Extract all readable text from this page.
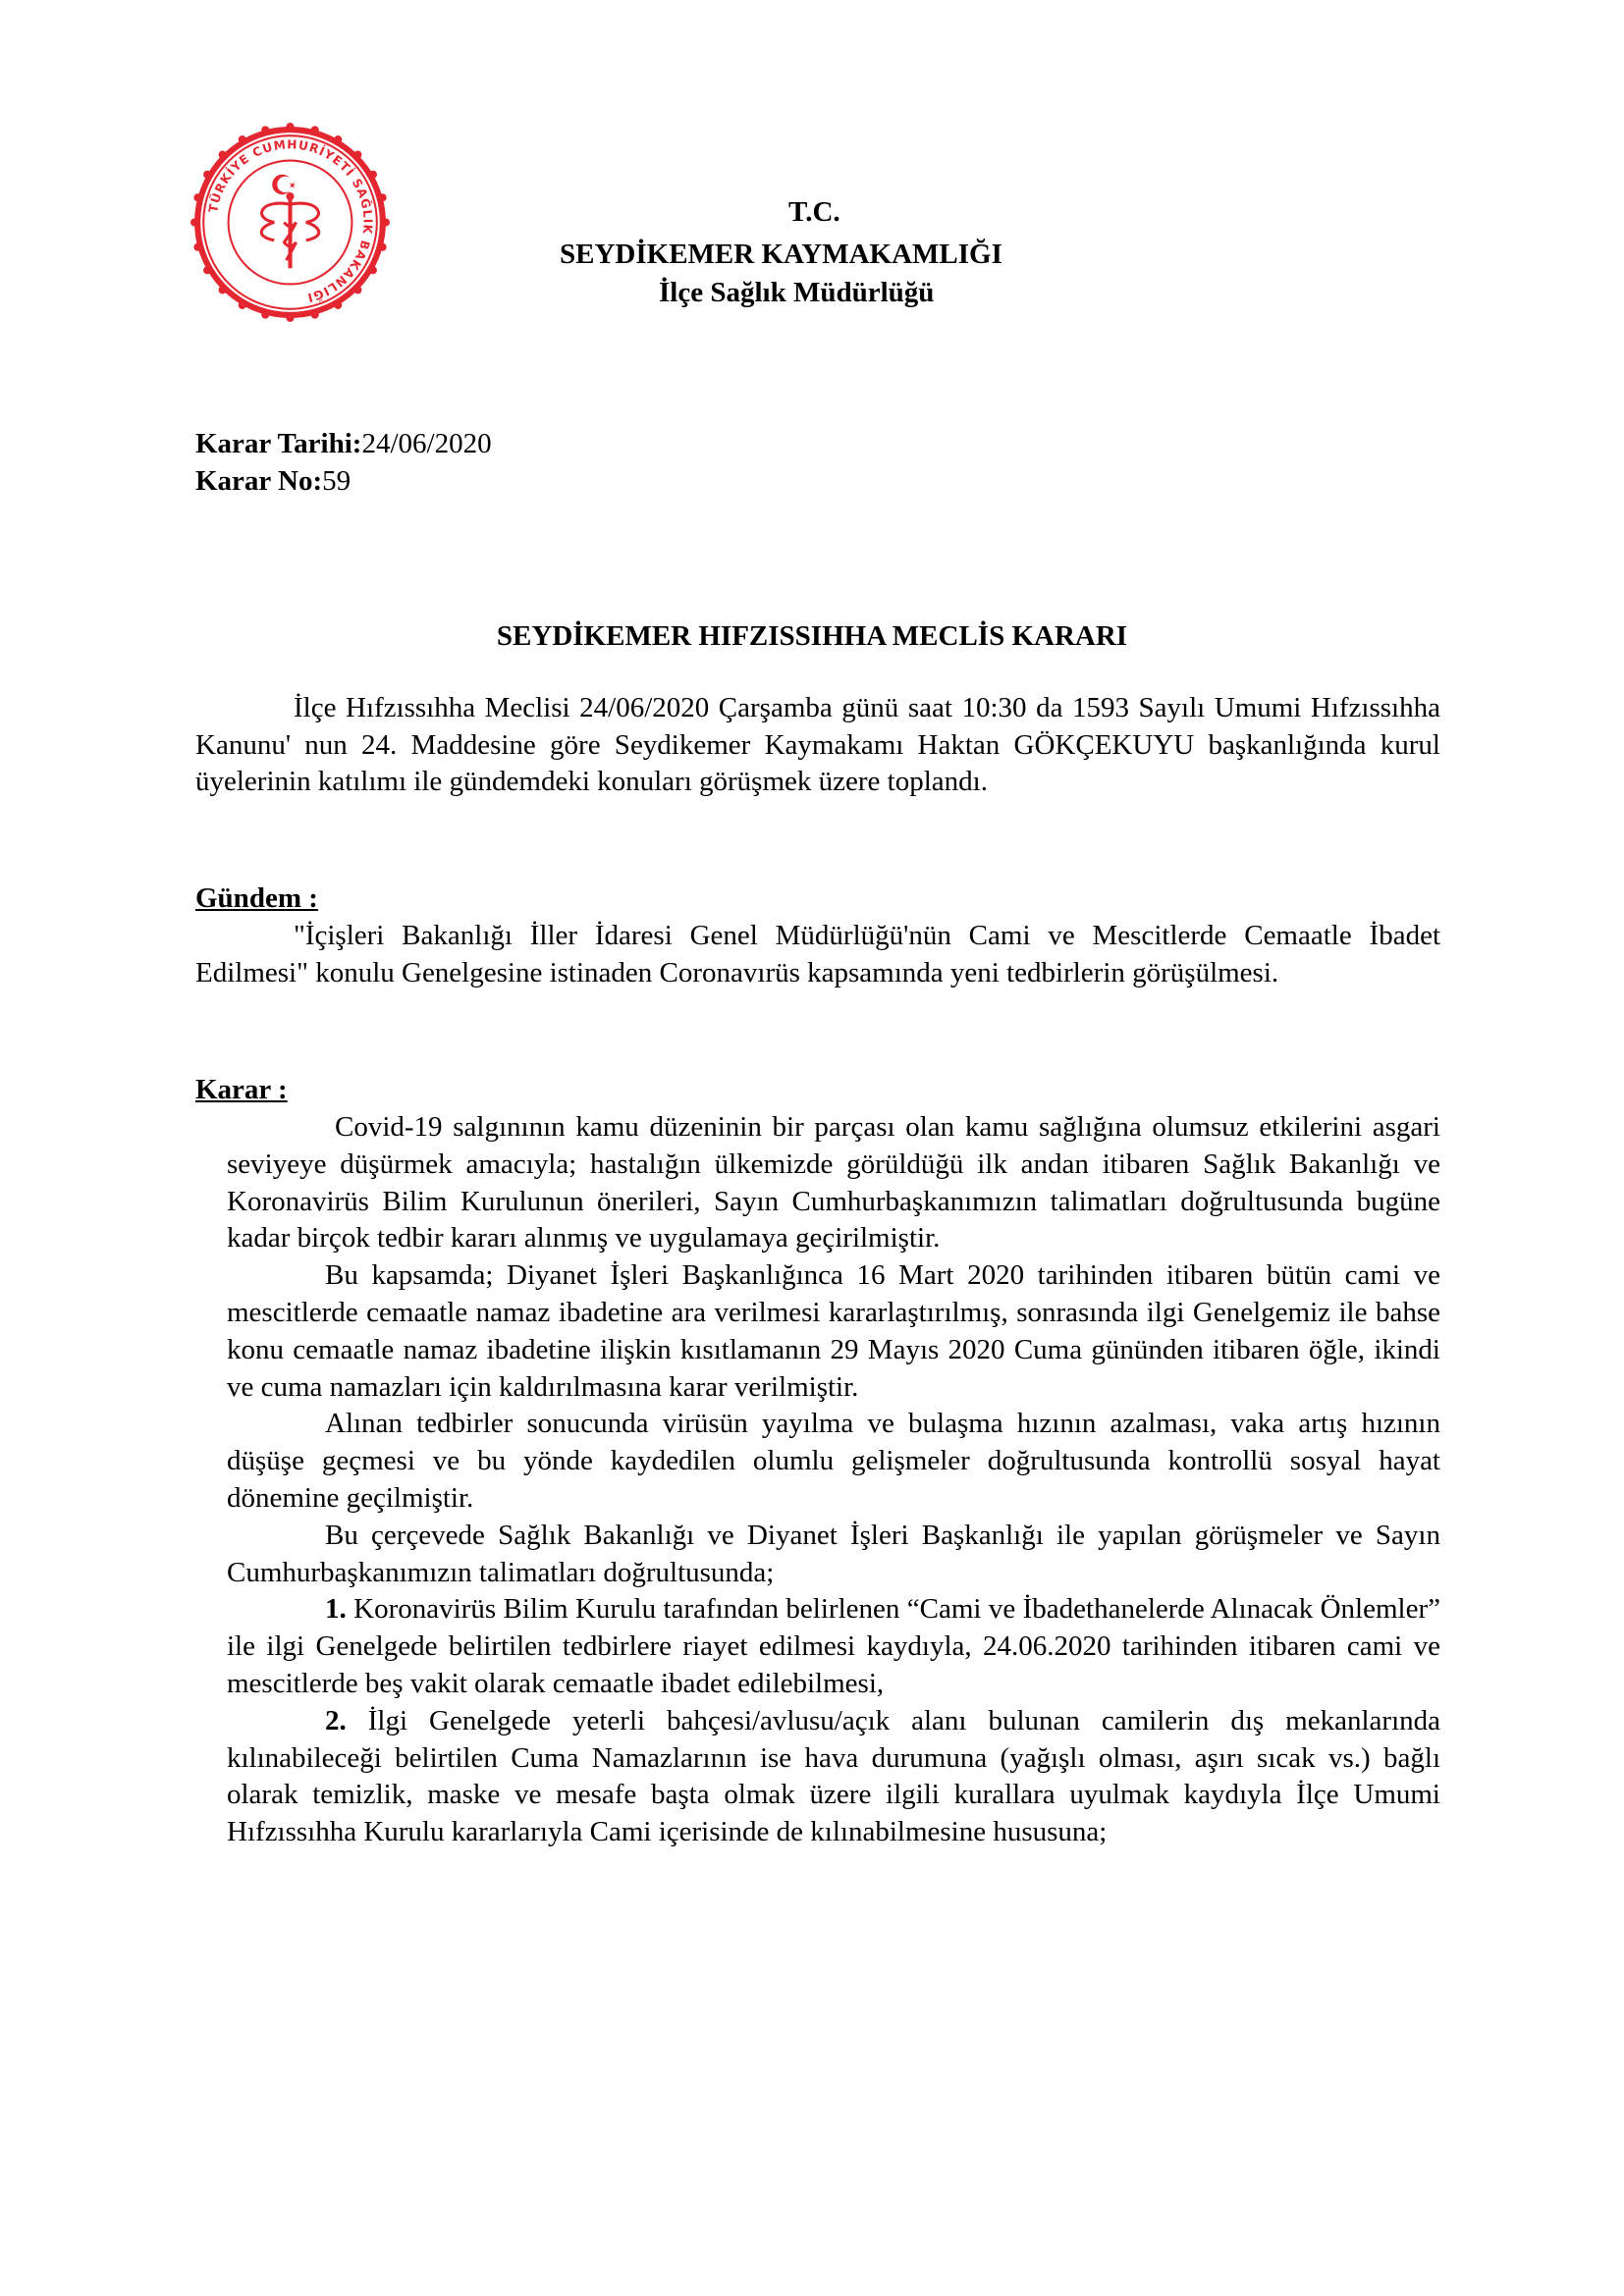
TÜRKİYE CUMHURİYETİ SAĞLIK BAKANLIĞI
T.C.
SEYDİKEMER KAYMAKAMLIĞI
İlçe Sağlık Müdürlüğü
Karar Tarihi:24/06/2020
Karar No:59
SEYDİKEMER HIFZISSIHHA MECLİS KARARI
İlçe Hıfzıssıhha Meclisi 24/06/2020 Çarşamba günü saat 10:30 da 1593 Sayılı Umumi Hıfzıssıhha Kanunu' nun 24. Maddesine göre Seydikemer Kaymakamı Haktan GÖKÇEKUYU başkanlığında kurul üyelerinin katılımı ile gündemdeki konuları görüşmek üzere toplandı.
Gündem :
"İçişleri Bakanlığı İller İdaresi Genel Müdürlüğü'nün Cami ve Mescitlerde Cemaatle İbadet Edilmesi" konulu Genelgesine istinaden Coronavırüs kapsamında yeni tedbirlerin görüşülmesi.
Karar :

Covid-19 salgınının kamu düzeninin bir parçası olan kamu sağlığına olumsuz etkilerini asgari seviyeye düşürmek amacıyla; hastalığın ülkemizde görüldüğü ilk andan itibaren Sağlık Bakanlığı ve Koronavirüs Bilim Kurulunun önerileri, Sayın Cumhurbaşkanımızın talimatları doğrultusunda bugüne kadar birçok tedbir kararı alınmış ve uygulamaya geçirilmiştir.

Bu kapsamda; Diyanet İşleri Başkanlığınca 16 Mart 2020 tarihinden itibaren bütün cami ve mescitlerde cemaatle namaz ibadetine ara verilmesi kararlaştırılmış, sonrasında ilgi Genelgemiz ile bahse konu cemaatle namaz ibadetine ilişkin kısıtlamanın 29 Mayıs 2020 Cuma gününden itibaren öğle, ikindi ve cuma namazları için kaldırılmasına karar verilmiştir.

Alınan tedbirler sonucunda virüsün yayılma ve bulaşma hızının azalması, vaka artış hızının düşüşe geçmesi ve bu yönde kaydedilen olumlu gelişmeler doğrultusunda kontrollü sosyal hayat dönemine geçilmiştir.

Bu çerçevede Sağlık Bakanlığı ve Diyanet İşleri Başkanlığı ile yapılan görüşmeler ve Sayın Cumhurbaşkanımızın talimatları doğrultusunda;

1. Koronavirüs Bilim Kurulu tarafından belirlenen “Cami ve İbadethanelerde Alınacak Önlemler” ile ilgi Genelgede belirtilen tedbirlere riayet edilmesi kaydıyla, 24.06.2020 tarihinden itibaren cami ve mescitlerde beş vakit olarak cemaatle ibadet edilebilmesi,

2. İlgi Genelgede yeterli bahçesi/avlusu/açık alanı bulunan camilerin dış mekanlarında kılınabileceği belirtilen Cuma Namazlarının ise hava durumuna (yağışlı olması, aşırı sıcak vs.) bağlı olarak temizlik, maske ve mesafe başta olmak üzere ilgili kurallara uyulmak kaydıyla İlçe Umumi Hıfzıssıhha Kurulu kararlarıyla Cami içerisinde de kılınabilmesine hususuna;
